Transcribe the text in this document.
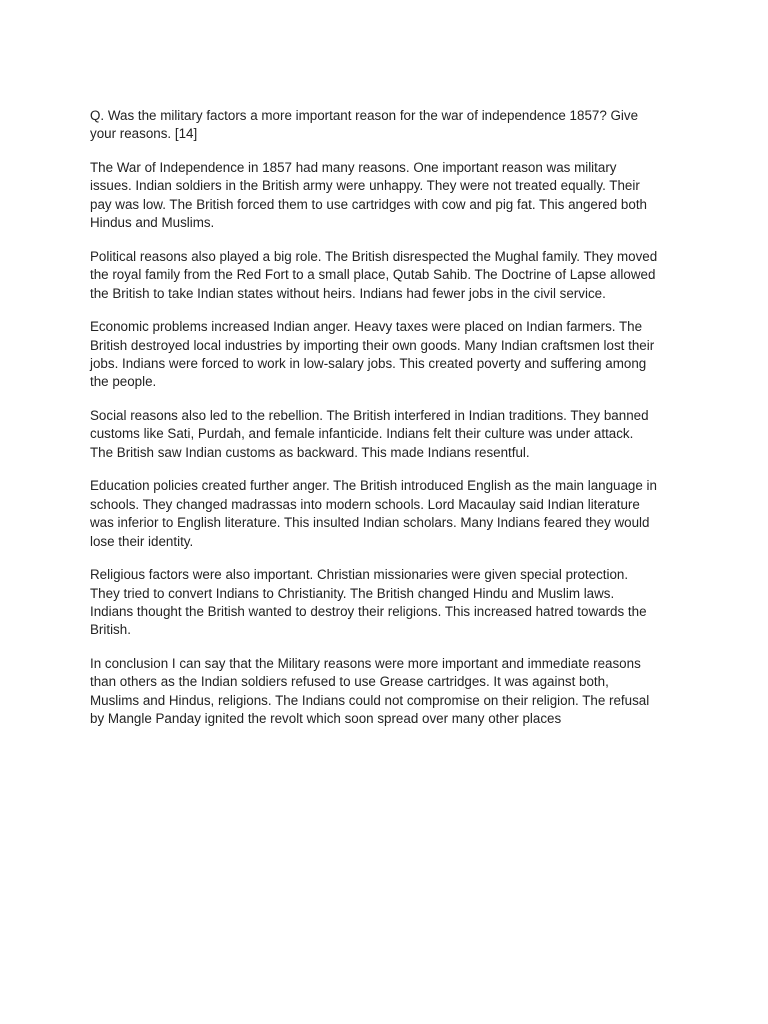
Q. Was the military factors a more important reason for the war of independence 1857? Give
your reasons. [14]

The War of Independence in 1857 had many reasons. One important reason was military
issues. Indian soldiers in the British army were unhappy. They were not treated equally. Their
pay was low. The British forced them to use cartridges with cow and pig fat. This angered both
Hindus and Muslims.

Political reasons also played a big role. The British disrespected the Mughal family. They moved
the royal family from the Red Fort to a small place, Qutab Sahib. The Doctrine of Lapse allowed
the British to take Indian states without heirs. Indians had fewer jobs in the civil service.

Economic problems increased Indian anger. Heavy taxes were placed on Indian farmers. The
British destroyed local industries by importing their own goods. Many Indian craftsmen lost their
jobs. Indians were forced to work in low-salary jobs. This created poverty and suffering among
the people.

Social reasons also led to the rebellion. The British interfered in Indian traditions. They banned
customs like Sati, Purdah, and female infanticide. Indians felt their culture was under attack.
The British saw Indian customs as backward. This made Indians resentful.

Education policies created further anger. The British introduced English as the main language in
schools. They changed madrassas into modern schools. Lord Macaulay said Indian literature
was inferior to English literature. This insulted Indian scholars. Many Indians feared they would
lose their identity.

Religious factors were also important. Christian missionaries were given special protection.
They tried to convert Indians to Christianity. The British changed Hindu and Muslim laws.
Indians thought the British wanted to destroy their religions. This increased hatred towards the
British.

In conclusion I can say that the Military reasons were more important and immediate reasons
than others as the Indian soldiers refused to use Grease cartridges. It was against both,
Muslims and Hindus, religions. The Indians could not compromise on their religion. The refusal
by Mangle Panday ignited the revolt which soon spread over many other places
